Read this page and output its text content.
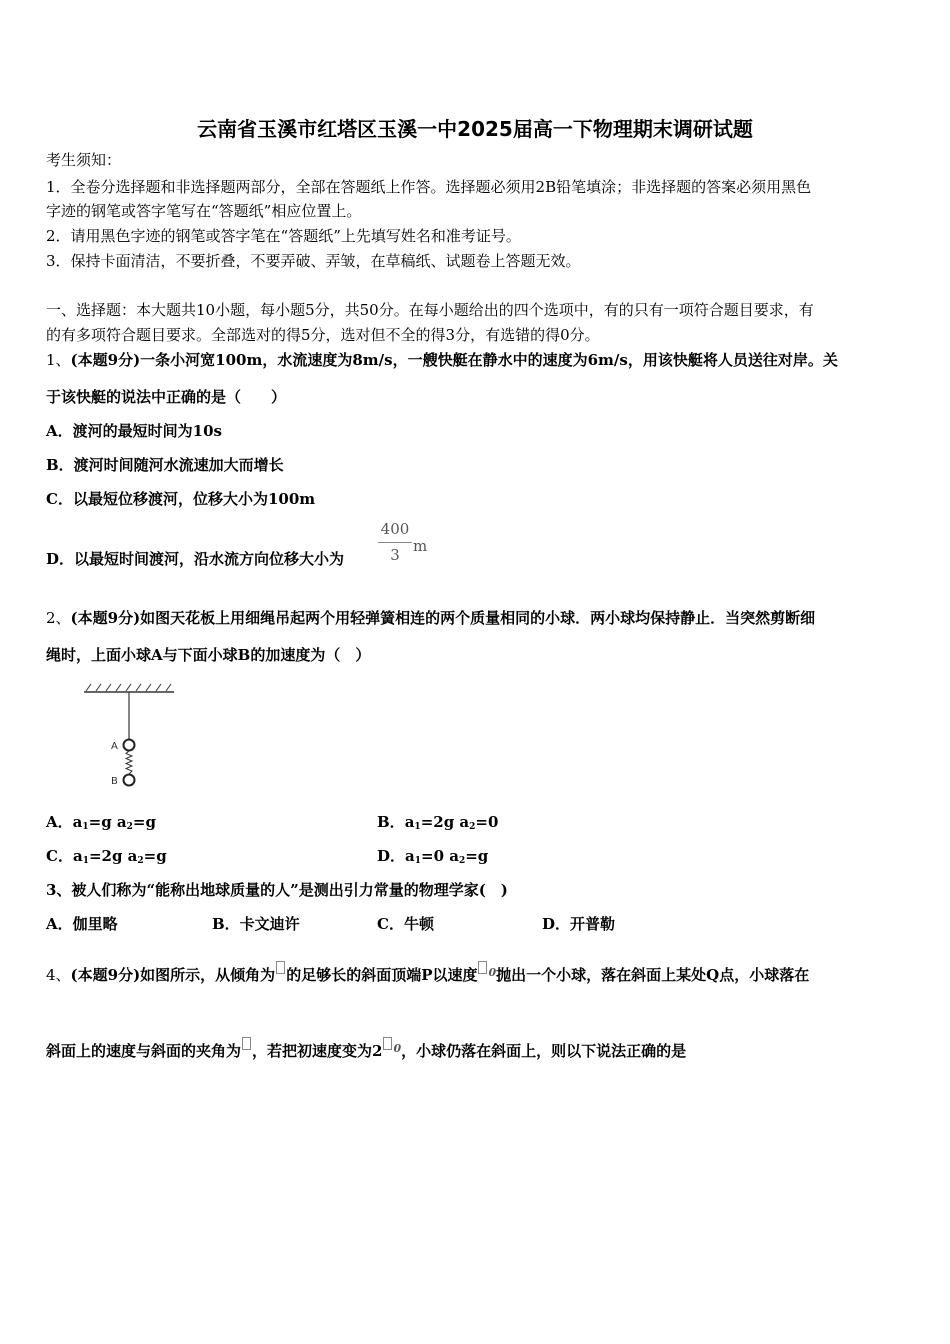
云南省玉溪市红塔区玉溪一中2025届高一下物理期末调研试题
考生须知：
1．全卷分选择题和非选择题两部分，全部在答题纸上作答。选择题必须用2B铅笔填涂；非选择题的答案必须用黑色
字迹的钢笔或答字笔写在“答题纸”相应位置上。
2．请用黑色字迹的钢笔或答字笔在“答题纸”上先填写姓名和准考证号。
3．保持卡面清洁，不要折叠，不要弄破、弄皱，在草稿纸、试题卷上答题无效。
一、选择题：本大题共10小题，每小题5分，共50分。在每小题给出的四个选项中，有的只有一项符合题目要求，有
的有多项符合题目要求。全部选对的得5分，选对但不全的得3分，有选错的得0分。
1、(本题9分)一条小河宽100m，水流速度为8m/s，一艘快艇在静水中的速度为6m/s，用该快艇将人员送往对岸。关
于该快艇的说法中正确的是（　　）
A．渡河的最短时间为10s
B．渡河时间随河水流速加大而增长
C．以最短位移渡河，位移大小为100m
D．以最短时间渡河，沿水流方向位移大小为
400
3 m
2、(本题9分)如图天花板上用细绳吊起两个用轻弹簧相连的两个质量相同的小球．两小球均保持静止．当突然剪断细
绳时，上面小球A与下面小球B的加速度为（　）
A
B
A．$a_1=g$ $a_2=g$	B．$a_1=2g$ $a_2=0$
C．$a_1=2g$ $a_2=g$	D．$a_1=0$ $a_2=g$
3、被人们称为“能称出地球质量的人”是测出引力常量的物理学家(　)
A．伽里略	B．卡文迪许	C．牛顿	D．开普勒
4、(本题9分)如图所示，从倾角为 的足够长的斜面顶端P以速度 $^0$抛出一个小球，落在斜面上某处Q点，小球落在
斜面上的速度与斜面的夹角为 ，若把初速度变为2 $^0$，小球仍落在斜面上，则以下说法正确的是
